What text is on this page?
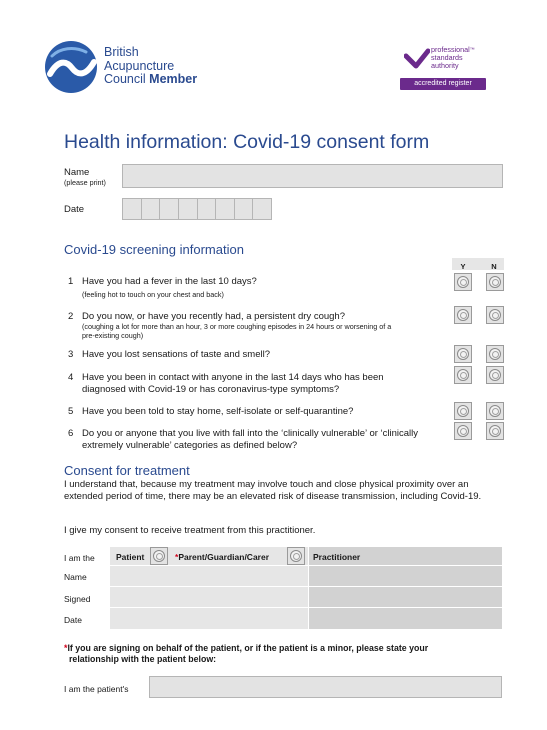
British
Acupuncture
Council Member
professional™
standards
authority
accredited register
Health information: Covid-19 consent form
Name
(please print)
Date
Covid-19 screening information
Y	N
1 Have you had a fever in the last 10 days?
(feeling hot to touch on your chest and back)
2 Do you now, or have you recently had, a persistent dry cough?
(coughing a lot for more than an hour, 3 or more coughing episodes in 24 hours or worsening of a pre-existing cough)
3 Have you lost sensations of taste and smell?
4 Have you been in contact with anyone in the last 14 days who has been diagnosed with Covid-19 or has coronavirus-type symptoms?
5 Have you been told to stay home, self-isolate or self-quarantine?
6 Do you or anyone that you live with fall into the ‘clinically vulnerable’ or ‘clinically extremely vulnerable’ categories as defined below?
Consent for treatment
I understand that, because my treatment may involve touch and close physical proximity over an extended period of time, there may be an elevated risk of disease transmission, including Covid-19.
I give my consent to receive treatment from this practitioner.
I am the	Patient	*Parent/Guardian/Carer	Practitioner
Name
Signed
Date
*If you are signing on behalf of the patient, or if the patient is a minor, please state your
relationship with the patient below:
I am the patient's
